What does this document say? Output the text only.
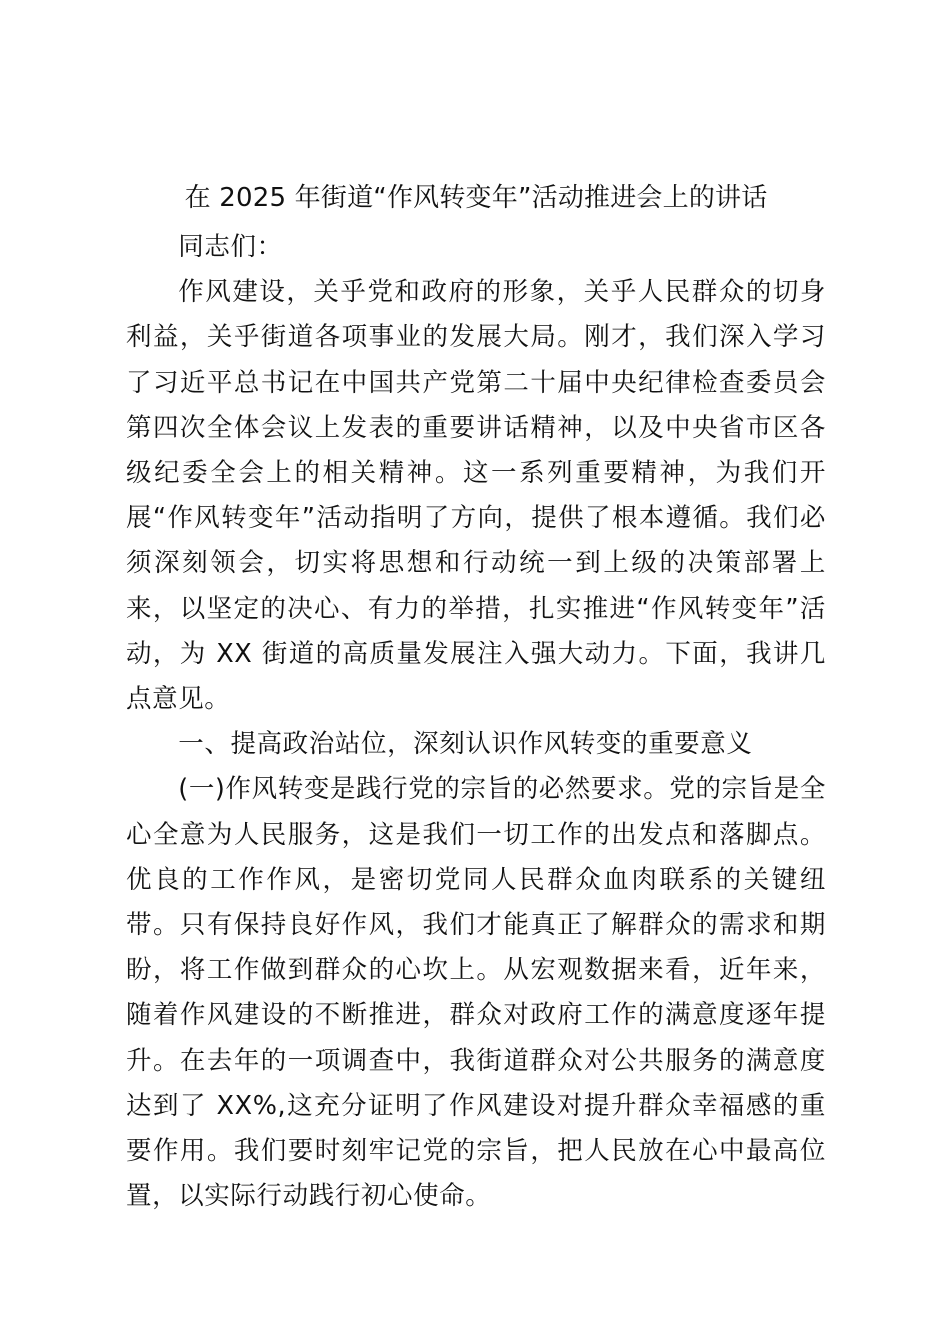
在 2025 年街道“作风转变年”活动推进会上的讲话

同志们：

作风建设，关乎党和政府的形象，关乎人民群众的切身利益，关乎街道各项事业的发展大局。刚才，我们深入学习了习近平总书记在中国共产党第二十届中央纪律检查委员会第四次全体会议上发表的重要讲话精神，以及中央省市区各级纪委全会上的相关精神。这一系列重要精神，为我们开展“作风转变年”活动指明了方向，提供了根本遵循。我们必须深刻领会，切实将思想和行动统一到上级的决策部署上来，以坚定的决心、有力的举措，扎实推进“作风转变年”活动，为 XX 街道的高质量发展注入强大动力。下面，我讲几点意见。

一、提高政治站位，深刻认识作风转变的重要意义

(一)作风转变是践行党的宗旨的必然要求。党的宗旨是全心全意为人民服务，这是我们一切工作的出发点和落脚点。优良的工作作风，是密切党同人民群众血肉联系的关键纽带。只有保持良好作风，我们才能真正了解群众的需求和期盼，将工作做到群众的心坎上。从宏观数据来看，近年来，随着作风建设的不断推进，群众对政府工作的满意度逐年提升。在去年的一项调查中，我街道群众对公共服务的满意度达到了 XX%,这充分证明了作风建设对提升群众幸福感的重要作用。我们要时刻牢记党的宗旨，把人民放在心中最高位置，以实际行动践行初心使命。
